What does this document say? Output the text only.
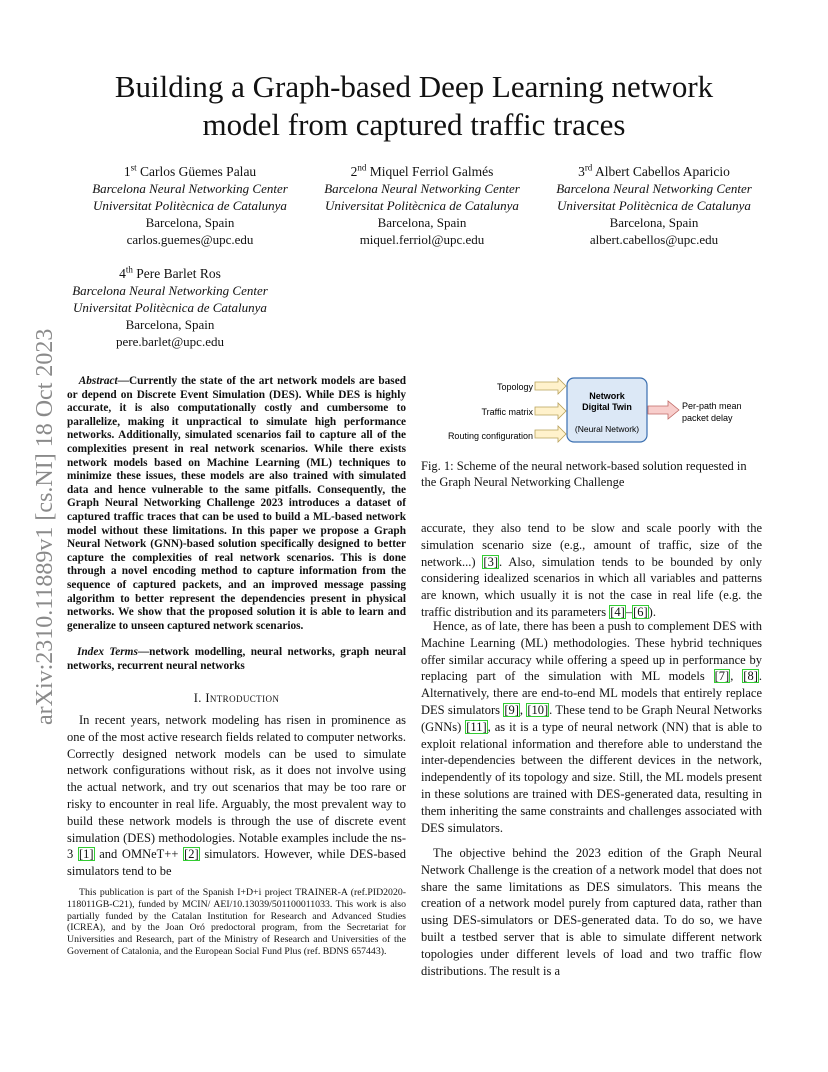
arXiv:2310.11889v1 [cs.NI] 18 Oct 2023
Building a Graph-based Deep Learning network
model from captured traffic traces
1st Carlos Güemes Palau
Barcelona Neural Networking Center
Universitat Politècnica de Catalunya
Barcelona, Spain
carlos.guemes@upc.edu
2nd Miquel Ferriol Galmés
Barcelona Neural Networking Center
Universitat Politècnica de Catalunya
Barcelona, Spain
miquel.ferriol@upc.edu
3rd Albert Cabellos Aparicio
Barcelona Neural Networking Center
Universitat Politècnica de Catalunya
Barcelona, Spain
albert.cabellos@upc.edu
4th Pere Barlet Ros
Barcelona Neural Networking Center
Universitat Politècnica de Catalunya
Barcelona, Spain
pere.barlet@upc.edu
Abstract—Currently the state of the art network models are based or depend on Discrete Event Simulation (DES). While DES is highly accurate, it is also computationally costly and cumbersome to parallelize, making it unpractical to simulate high performance networks. Additionally, simulated scenarios fail to capture all of the complexities present in real network scenarios. While there exists network models based on Machine Learning (ML) techniques to minimize these issues, these models are also trained with simulated data and hence vulnerable to the same pitfalls. Consequently, the Graph Neural Networking Challenge 2023 introduces a dataset of captured traffic traces that can be used to build a ML-based network model without these limitations. In this paper we propose a Graph Neural Network (GNN)-based solution specifically designed to better capture the complexities of real network scenarios. This is done through a novel encoding method to capture information from the sequence of captured packets, and an improved message passing algorithm to better represent the dependencies present in physical networks. We show that the proposed solution it is able to learn and generalize to unseen captured network scenarios.
Index Terms—network modelling, neural networks, graph neural networks, recurrent neural networks
I. Introduction
In recent years, network modeling has risen in prominence as one of the most active research fields related to computer networks. Correctly designed network models can be used to simulate network configurations without risk, as it does not involve using the actual network, and try out scenarios that may be too rare or risky to encounter in real life. Arguably, the most prevalent way to build these network models is through the use of discrete event simulation (DES) methodologies. Notable examples include the ns-3 [1] and OMNeT++ [2] simulators. However, while DES-based simulators tend to be
This publication is part of the Spanish I+D+i project TRAINER-A (ref.PID2020-118011GB-C21), funded by MCIN/ AEI/10.13039/501100011033. This work is also partially funded by the Catalan Institution for Research and Advanced Studies (ICREA), and by the Joan Oró predoctoral program, from the Secretariat for Universities and Research, part of the Ministry of Research and Universities of the Governent of Catalonia, and the European Social Fund Plus (ref. BDNS 657443).
Topology
Traffic matrix
Routing configuration
Network
Digital Twin
(Neural Network)
Per-path mean
packet delay
Fig. 1: Scheme of the neural network-based solution requested in the Graph Neural Networking Challenge
accurate, they also tend to be slow and scale poorly with the simulation scenario size (e.g., amount of traffic, size of the network...) [3]. Also, simulation tends to be bounded by only considering idealized scenarios in which all variables and patterns are known, which usually it is not the case in real life (e.g. the traffic distribution and its parameters [4]–[6]).
Hence, as of late, there has been a push to complement DES with Machine Learning (ML) methodologies. These hybrid techniques offer similar accuracy while offering a speed up in performance by replacing part of the simulation with ML models [7], [8]. Alternatively, there are end-to-end ML models that entirely replace DES simulators [9], [10]. These tend to be Graph Neural Networks (GNNs) [11], as it is a type of neural network (NN) that is able to exploit relational information and therefore able to understand the inter-dependencies between the different devices in the network, independently of its topology and size. Still, the ML models present in these solutions are trained with DES-generated data, resulting in them inheriting the same constraints and challenges associated with DES simulators.
The objective behind the 2023 edition of the Graph Neural Network Challenge is the creation of a network model that does not share the same limitations as DES simulators. This means the creation of a network model purely from captured data, rather than using DES-simulators or DES-generated data. To do so, we have built a testbed server that is able to simulate different network topologies under different levels of load and two traffic flow distributions. The result is a
